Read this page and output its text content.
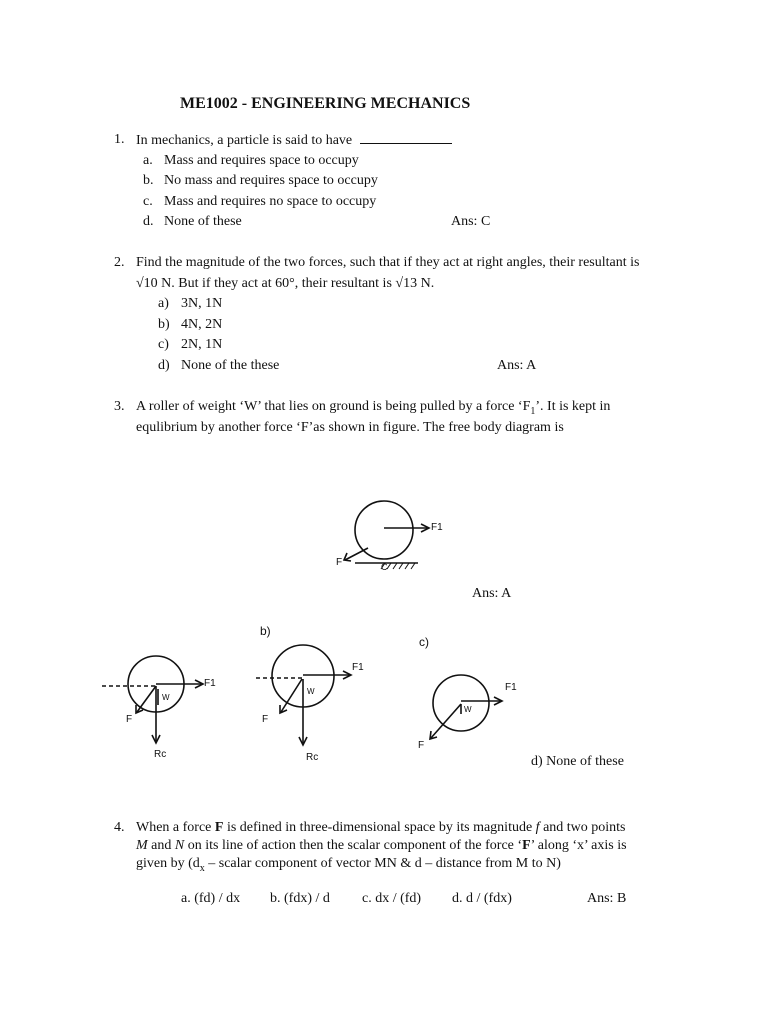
ME1002 - ENGINEERING MECHANICS
1. In mechanics, a particle is said to have
a. Mass and requires space to occupy
b. No mass and requires space to occupy
c. Mass and requires no space to occupy
d. None of these	Ans: C
2. Find the magnitude of the two forces, such that if they act at right angles, their resultant is
√10 N. But if they act at 60°, their resultant is √13 N.
a) 3N, 1N
b) 4N, 2N
c) 2N, 1N
d) None of the these	Ans: A
3. A roller of weight ‘W’ that lies on ground is being pulled by a force ‘$F_1$’. It is kept in
equlibrium by another force ‘F’as shown in figure. The free body diagram is
F1
F	C
Ans: A
F1
F
W
Rc
b)
F1
F
W
Rc
c)
F1
F
W
d) None of these
4. When a force F is defined in three-dimensional space by its magnitude f and two points
M and N on its line of action then the scalar component of the force ‘F’ along ‘x’ axis is
given by ($d_x$ – scalar component of vector MN & d – distance from M to N)
a. (fd) / dx b. (fdx) / d c. dx / (fd) d. d / (fdx)	Ans: B
